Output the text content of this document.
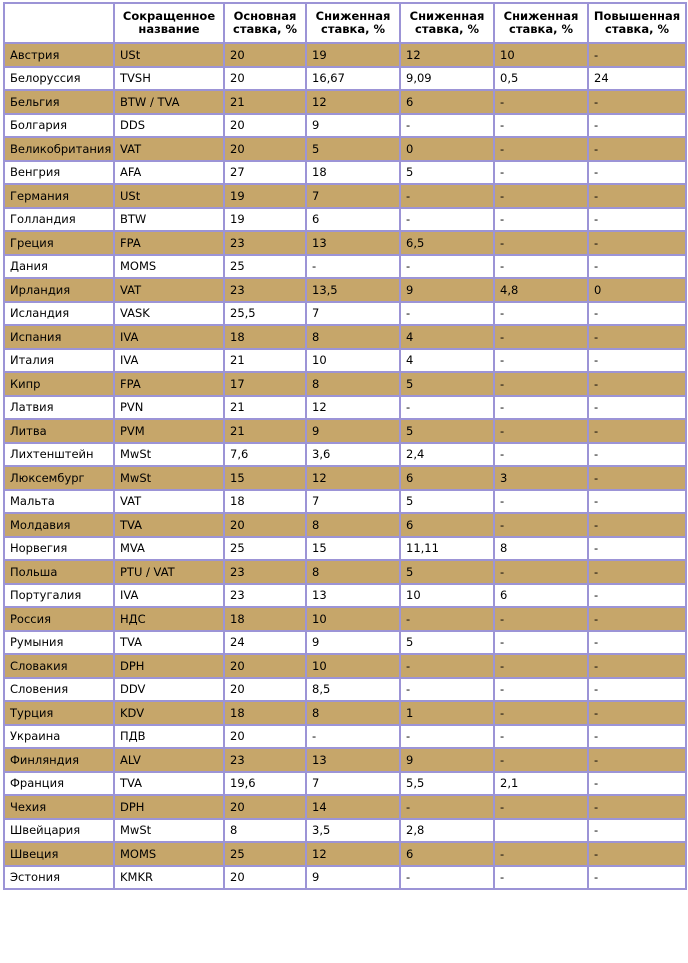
	Сокращенное название	Основная ставка, %	Сниженная ставка, %	Сниженная ставка, %	Сниженная ставка, %	Повышенная ставка, %
Австрия	USt	20	19	12	10	-
Белоруссия	TVSH	20	16,67	9,09	0,5	24
Бельгия	BTW / TVA	21	12	6	-	-
Болгария	DDS	20	9	-	-	-
Великобритания	VAT	20	5	0	-	-
Венгрия	AFA	27	18	5	-	-
Германия	USt	19	7	-	-	-
Голландия	BTW	19	6	-	-	-
Греция	FPA	23	13	6,5	-	-
Дания	MOMS	25	-	-	-	-
Ирландия	VAT	23	13,5	9	4,8	0
Исландия	VASK	25,5	7	-	-	-
Испания	IVA	18	8	4	-	-
Италия	IVA	21	10	4	-	-
Кипр	FPA	17	8	5	-	-
Латвия	PVN	21	12	-	-	-
Литва	PVM	21	9	5	-	-
Лихтенштейн	MwSt	7,6	3,6	2,4	-	-
Люксембург	MwSt	15	12	6	3	-
Мальта	VAT	18	7	5	-	-
Молдавия	TVA	20	8	6	-	-
Норвегия	MVA	25	15	11,11	8	-
Польша	PTU / VAT	23	8	5	-	-
Португалия	IVA	23	13	10	6	-
Россия	НДС	18	10	-	-	-
Румыния	TVA	24	9	5	-	-
Словакия	DPH	20	10	-	-	-
Словения	DDV	20	8,5	-	-	-
Турция	KDV	18	8	1	-	-
Украина	ПДВ	20	-	-	-	-
Финляндия	ALV	23	13	9	-	-
Франция	TVA	19,6	7	5,5	2,1	-
Чехия	DPH	20	14	-	-	-
Швейцария	MwSt	8	3,5	2,8		-
Швеция	MOMS	25	12	6	-	-
Эстония	KMKR	20	9	-	-	-
